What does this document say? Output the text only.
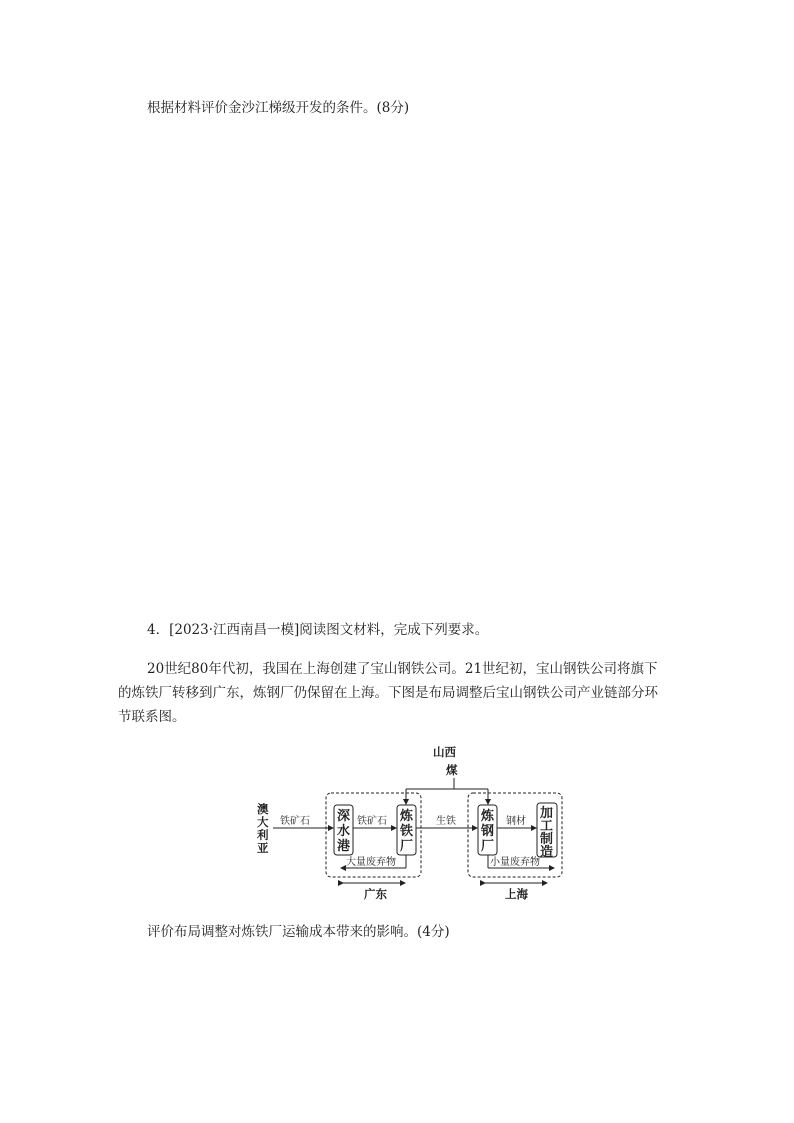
根据材料评价金沙江梯级开发的条件。(8分)
4．[2023·江西南昌一模]阅读图文材料，完成下列要求。
20世纪80年代初，我国在上海创建了宝山钢铁公司。21世纪初，宝山钢铁公司将旗下
的炼铁厂转移到广东，炼钢厂仍保留在上海。下图是布局调整后宝山钢铁公司产业链部分环
节联系图。
山西
煤
澳
大
利
亚
铁矿石 深
水
港
铁矿石 炼
铁
厂
生铁 炼
钢
厂
钢材
加
工
制
造
大量废弃物	小量废弃物
广东	上海
评价布局调整对炼铁厂运输成本带来的影响。(4分)
